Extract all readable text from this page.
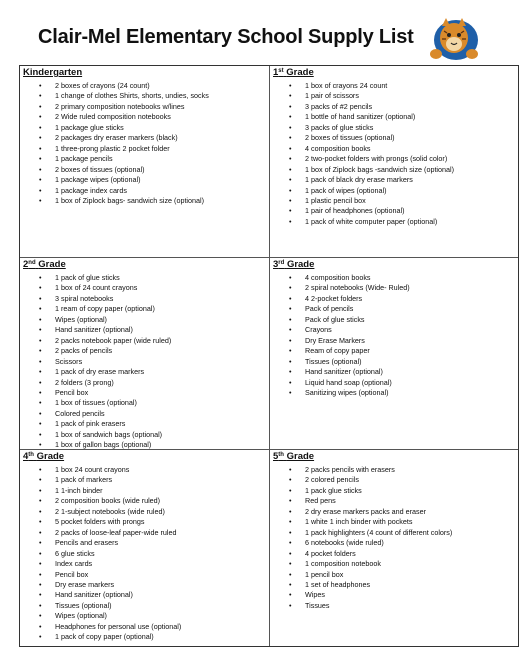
Clair-Mel Elementary School Supply List

Kindergarten

• 2 boxes of crayons (24 count)
• 1 change of clothes Shirts, shorts, undies, socks
• 2 primary composition notebooks w/lines
• 2 Wide ruled composition notebooks
• 1 package glue sticks
• 2 packages dry eraser markers (black)
• 1 three-prong plastic 2 pocket folder
• 1 package pencils
• 2 boxes of tissues (optional)
• 1 package wipes (optional)
• 1 package index cards
• 1 box of Ziplock bags- sandwich size (optional)

1st Grade

• 1 box of crayons 24 count
• 1 pair of scissors
• 3 packs of #2 pencils
• 1 bottle of hand sanitizer (optional)
• 3 packs of glue sticks
• 2 boxes of tissues (optional)
• 4 composition books
• 2 two-pocket folders with prongs (solid color)
• 1 box of Ziplock bags -sandwich size (optional)
• 1 pack of black dry erase markers
• 1 pack of wipes (optional)
• 1 plastic pencil box
• 1 pair of headphones (optional)
• 1 pack of white computer paper (optional)

2nd Grade

• 1 pack of glue sticks
• 1 box of 24 count crayons
• 3 spiral notebooks
• 1 ream of copy paper (optional)
• Wipes (optional)
• Hand sanitizer (optional)
• 2 packs notebook paper (wide ruled)
• 2 packs of pencils
• Scissors
• 1 pack of dry erase markers
• 2 folders (3 prong)
• Pencil box
• 1 box of tissues (optional)
• Colored pencils
• 1 pack of pink erasers
• 1 box of sandwich bags (optional)
• 1 box of gallon bags (optional)

3rd Grade

• 4 composition books
• 2 spiral notebooks (Wide- Ruled)
• 4 2-pocket folders
• Pack of pencils
• Pack of glue sticks
• Crayons
• Dry Erase Markers
• Ream of copy paper
• Tissues (optional)
• Hand sanitizer (optional)
• Liquid hand soap (optional)
• Sanitizing wipes (optional)

4th Grade

• 1 box 24 count crayons
• 1 pack of markers
• 1 1-inch binder
• 2 composition books (wide ruled)
• 2 1-subject notebooks (wide ruled)
• 5 pocket folders with prongs
• 2 packs of loose-leaf paper-wide ruled
• Pencils and erasers
• 6 glue sticks
• Index cards
• Pencil box
• Dry erase markers
• Hand sanitizer (optional)
• Tissues (optional)
• Wipes (optional)
• Headphones for personal use (optional)
• 1 pack of copy paper (optional)

5th Grade

• 2 packs pencils with erasers
• 2 colored pencils
• 1 pack glue sticks
• Red pens
• 2 dry erase markers packs and eraser
• 1 white 1 inch binder with pockets
• 1 pack highlighters (4 count of different colors)
• 6 notebooks (wide ruled)
• 4 pocket folders
• 1 composition notebook
• 1 pencil box
• 1 set of headphones
• Wipes
• Tissues
